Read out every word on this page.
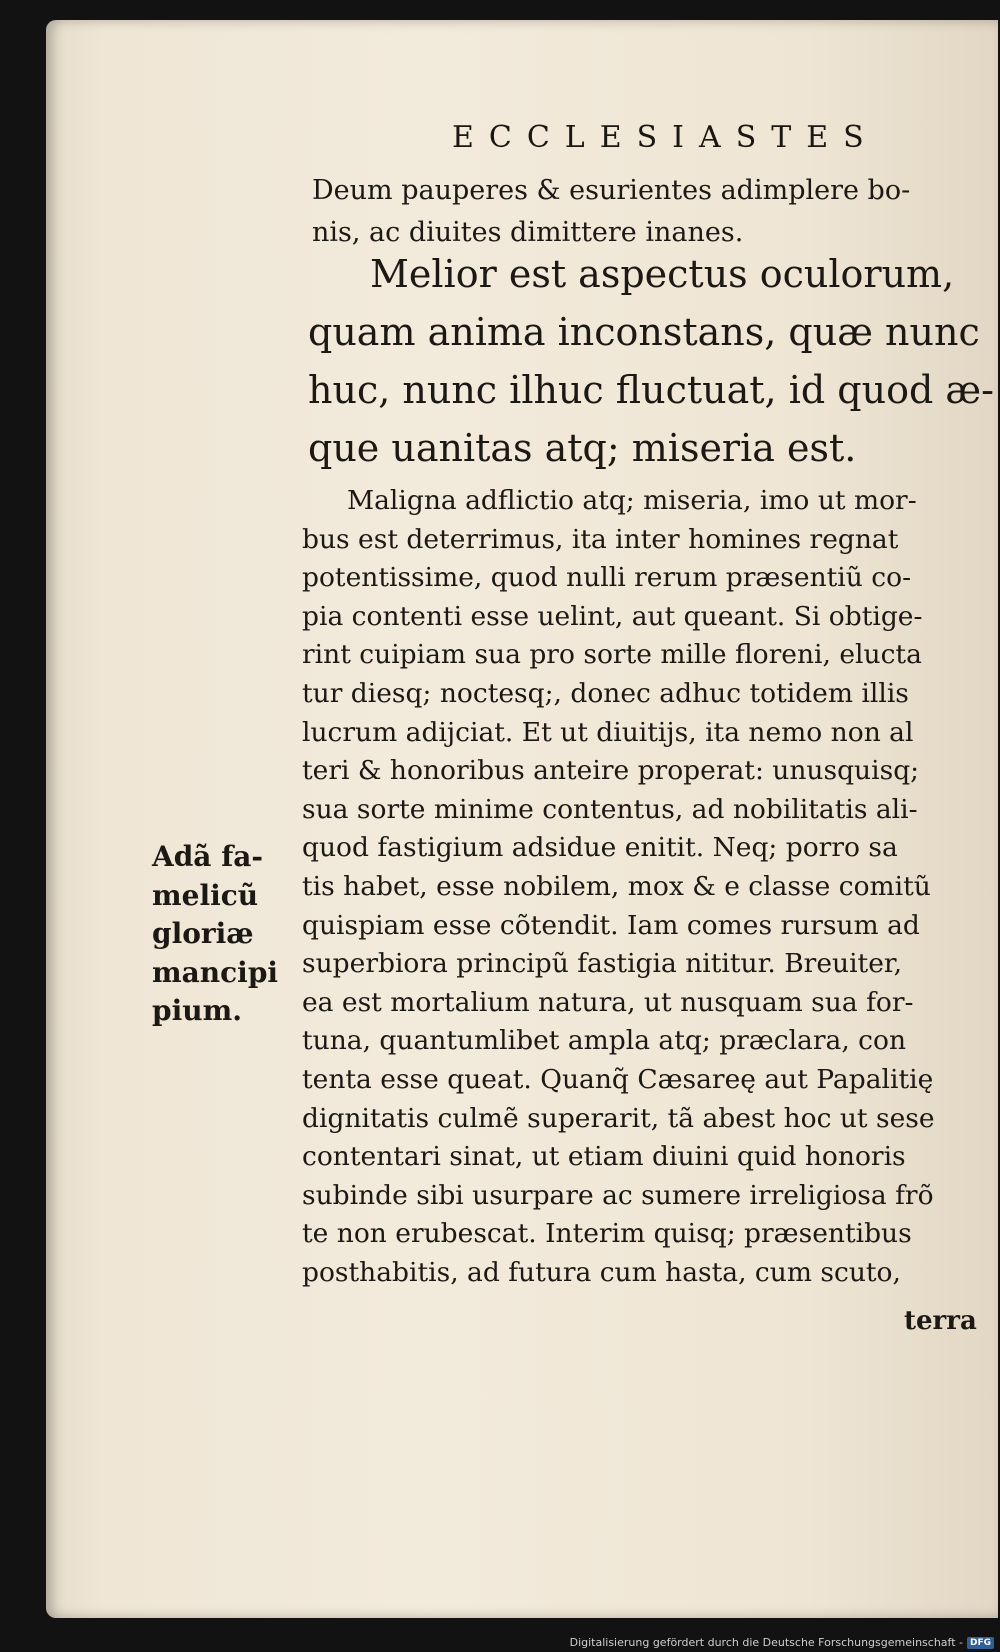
ECCLESIASTES
Deum pauperes & esurientes adimplere bo-
nis, ac diuites dimittere inanes.
Melior est aspectus oculorum,
quam anima inconstans, quæ nunc
huc, nunc ilhuc fluctuat, id quod æ-
que uanitas atq; miseria est.
Maligna adflictio atq; miseria, imo ut mor-
bus est deterrimus, ita inter homines regnat
potentissime, quod nulli rerum præsentiũ co-
pia contenti esse uelint, aut queant. Si obtige-
rint cuipiam sua pro sorte mille floreni, elucta
tur diesq; noctesq;, donec adhuc totidem illis
lucrum adijciat. Et ut diuitijs, ita nemo non al
teri & honoribus anteire properat: unusquisq;
sua sorte minime contentus, ad nobilitatis ali-
quod fastigium adsidue enitit. Neq; porro sa
tis habet, esse nobilem, mox & e classe comitũ
quispiam esse cõtendit. Iam comes rursum ad
superbiora principũ fastigia nititur. Breuiter,
ea est mortalium natura, ut nusquam sua for-
tuna, quantumlibet ampla atq; præclara, con
tenta esse queat. Quanq̃ Cæsareę aut Papalitię
dignitatis culmẽ superarit, tã abest hoc ut sese
contentari sinat, ut etiam diuini quid honoris
subinde sibi usurpare ac sumere irreligiosa frõ
te non erubescat. Interim quisq; præsentibus
posthabitis, ad futura cum hasta, cum scuto,
terra
Adã fa-
melicũ
gloriæ
mancipi
pium.
Digitalisierung gefördert durch die Deutsche Forschungsgemeinschaft - DFG
